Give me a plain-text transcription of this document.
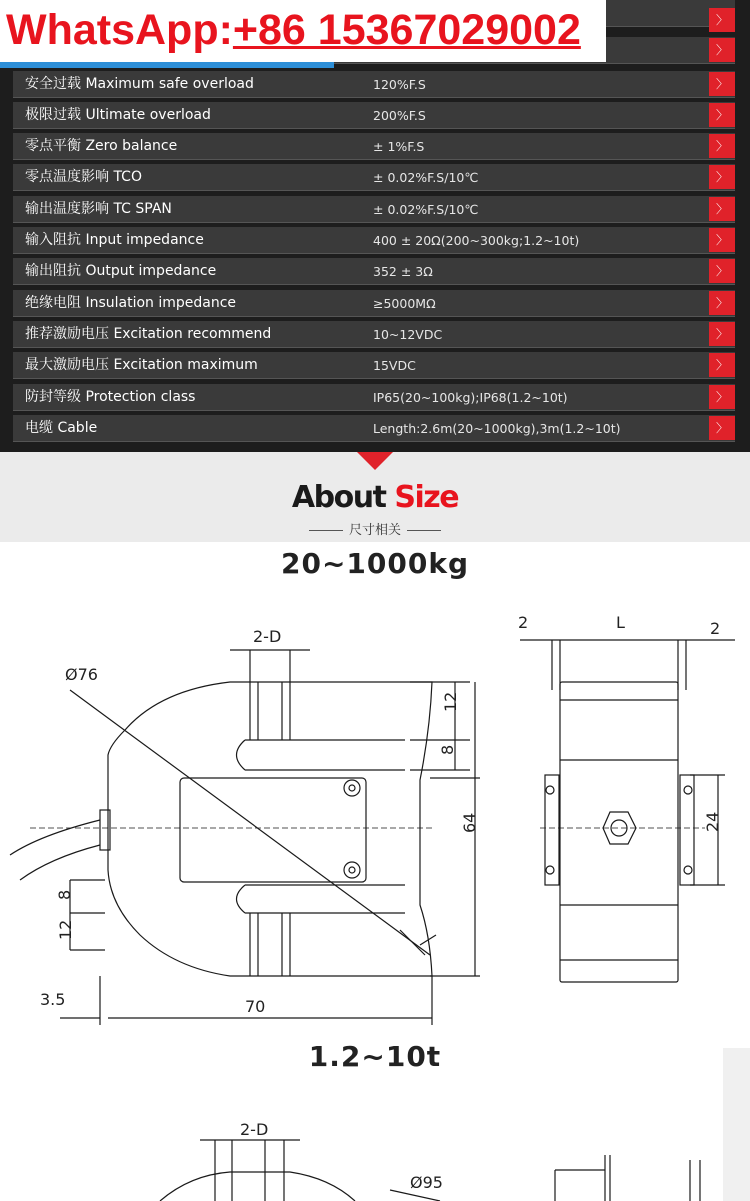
〉
〉
安全过载 Maximum safe overload	120%F.S	〉
极限过载 Ultimate overload	200%F.S	〉
零点平衡 Zero balance	± 1%F.S	〉
零点温度影响 TCO	± 0.02%F.S/10℃	〉
输出温度影响 TC SPAN	± 0.02%F.S/10℃	〉
输入阻抗 Input impedance	400 ± 20Ω(200~300kg;1.2~10t)	〉
输出阻抗 Output impedance	352 ± 3Ω	〉
绝缘电阻 Insulation impedance	≥5000MΩ	〉
推荐激励电压 Excitation recommend	10~12VDC	〉
最大激励电压 Excitation maximum	15VDC	〉
防封等级 Protection class	IP65(20~100kg);IP68(1.2~10t)	〉
电缆 Cable	Length:2.6m(20~1000kg),3m(1.2~10t)	〉
WhatsApp:+86 15367029002
About Size
尺寸相关
20~1000kg
Ø76
2-D
12
8
64
8
12
3.5	70
2	L	2
24
1.2~10t
2-D
Ø95
